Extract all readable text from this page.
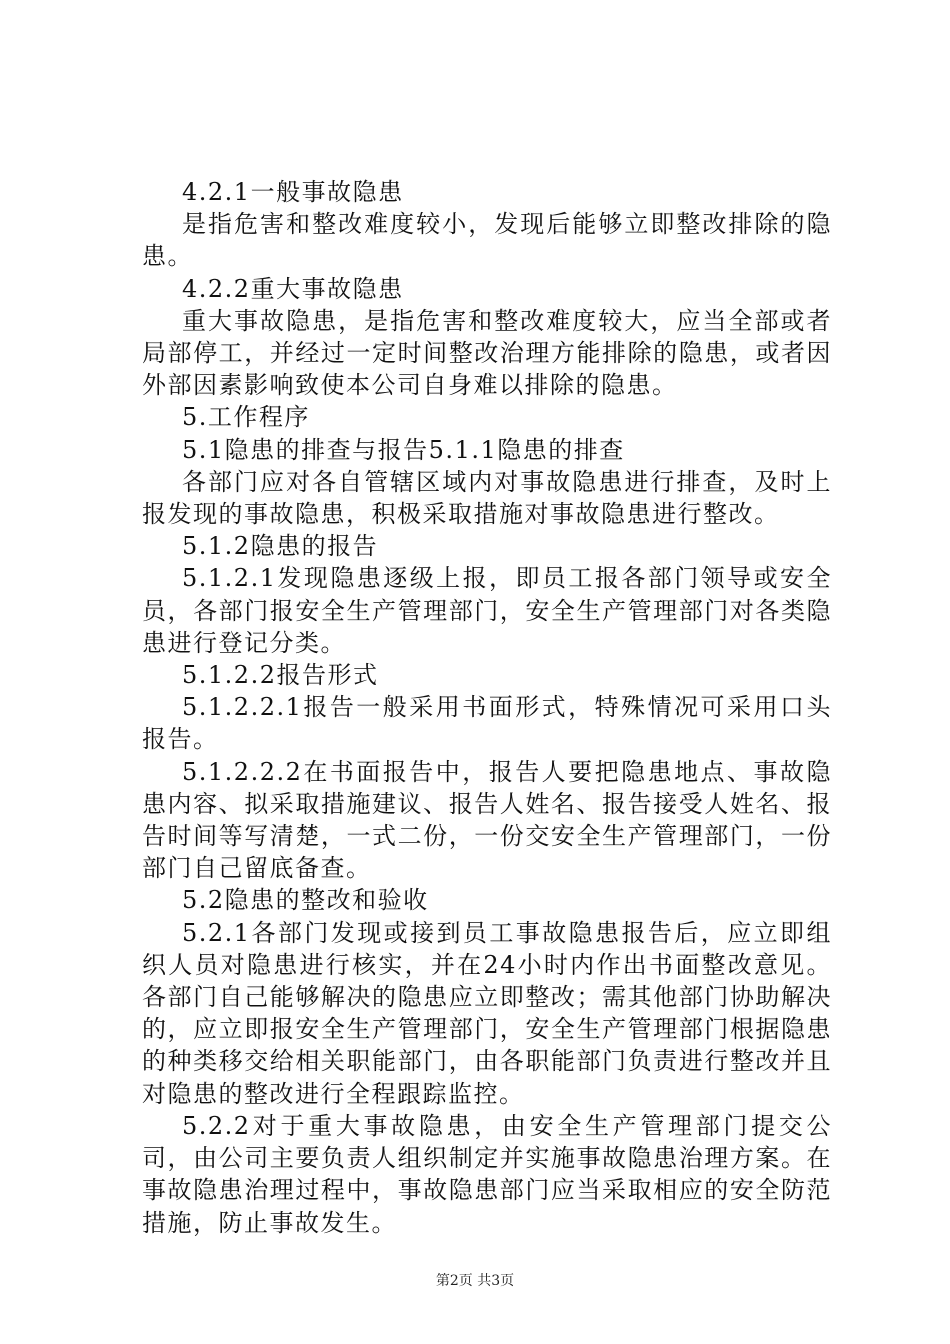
4.2.1一般事故隐患

是指危害和整改难度较小，发现后能够立即整改排除的隐患。

4.2.2重大事故隐患

重大事故隐患，是指危害和整改难度较大，应当全部或者局部停工，并经过一定时间整改治理方能排除的隐患，或者因外部因素影响致使本公司自身难以排除的隐患。

5.工作程序

5.1隐患的排查与报告5.1.1隐患的排查

各部门应对各自管辖区域内对事故隐患进行排查，及时上报发现的事故隐患，积极采取措施对事故隐患进行整改。

5.1.2隐患的报告

5.1.2.1发现隐患逐级上报，即员工报各部门领导或安全员，各部门报安全生产管理部门，安全生产管理部门对各类隐患进行登记分类。

5.1.2.2报告形式

5.1.2.2.1报告一般采用书面形式，特殊情况可采用口头报告。

5.1.2.2.2在书面报告中，报告人要把隐患地点、事故隐患内容、拟采取措施建议、报告人姓名、报告接受人姓名、报告时间等写清楚，一式二份，一份交安全生产管理部门，一份部门自己留底备查。

5.2隐患的整改和验收

5.2.1各部门发现或接到员工事故隐患报告后，应立即组织人员对隐患进行核实，并在24小时内作出书面整改意见。各部门自己能够解决的隐患应立即整改；需其他部门协助解决的，应立即报安全生产管理部门，安全生产管理部门根据隐患的种类移交给相关职能部门，由各职能部门负责进行整改并且对隐患的整改进行全程跟踪监控。

5.2.2对于重大事故隐患，由安全生产管理部门提交公司，由公司主要负责人组织制定并实施事故隐患治理方案。在事故隐患治理过程中，事故隐患部门应当采取相应的安全防范措施，防止事故发生。

第2页 共3页
